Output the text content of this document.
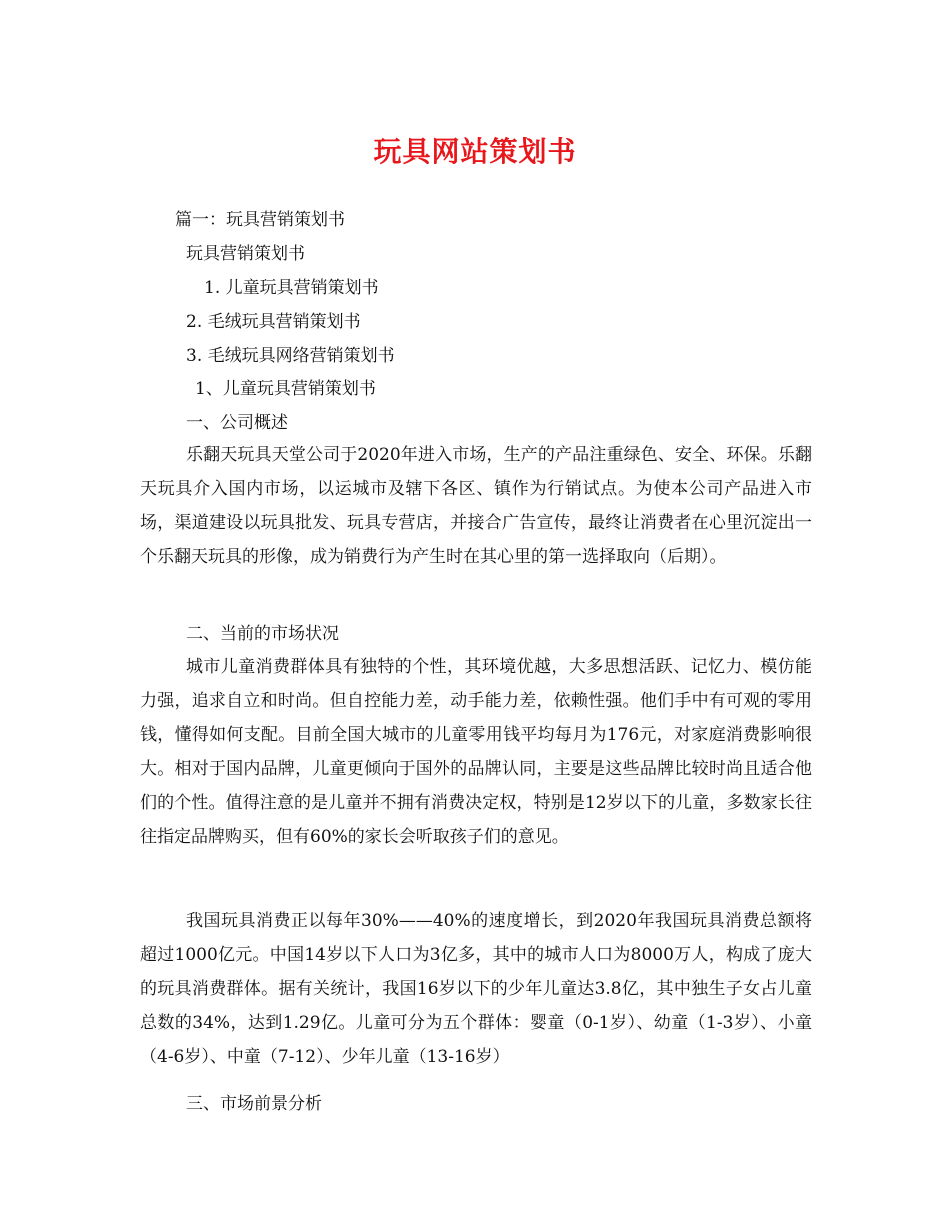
玩具网站策划书
篇一：玩具营销策划书
玩具营销策划书
1. 儿童玩具营销策划书
2. 毛绒玩具营销策划书
3. 毛绒玩具网络营销策划书
1、儿童玩具营销策划书
一、公司概述

乐翻天玩具天堂公司于2020年进入市场，生产的产品注重绿色、安全、环保。乐翻天玩具介入国内市场，以运城市及辖下各区、镇作为行销试点。为使本公司产品进入市场，渠道建设以玩具批发、玩具专营店，并接合广告宣传，最终让消费者在心里沉淀出一个乐翻天玩具的形像，成为销费行为产生时在其心里的第一选择取向（后期）。

二、当前的市场状况

城市儿童消费群体具有独特的个性，其环境优越，大多思想活跃、记忆力、模仿能力强，追求自立和时尚。但自控能力差，动手能力差，依赖性强。他们手中有可观的零用钱，懂得如何支配。目前全国大城市的儿童零用钱平均每月为176元，对家庭消费影响很大。相对于国内品牌，儿童更倾向于国外的品牌认同，主要是这些品牌比较时尚且适合他们的个性。值得注意的是儿童并不拥有消费决定权，特别是12岁以下的儿童，多数家长往往指定品牌购买，但有60%的家长会听取孩子们的意见。

我国玩具消费正以每年30%——40%的速度增长，到2020年我国玩具消费总额将超过1000亿元。中国14岁以下人口为3亿多，其中的城市人口为8000万人，构成了庞大的玩具消费群体。据有关统计，我国16岁以下的少年儿童达3.8亿，其中独生子女占儿童总数的34%，达到1.29亿。儿童可分为五个群体：婴童（0-1岁）、幼童（1-3岁）、小童（4-6岁）、中童（7-12）、少年儿童（13-16岁）

三、市场前景分析
